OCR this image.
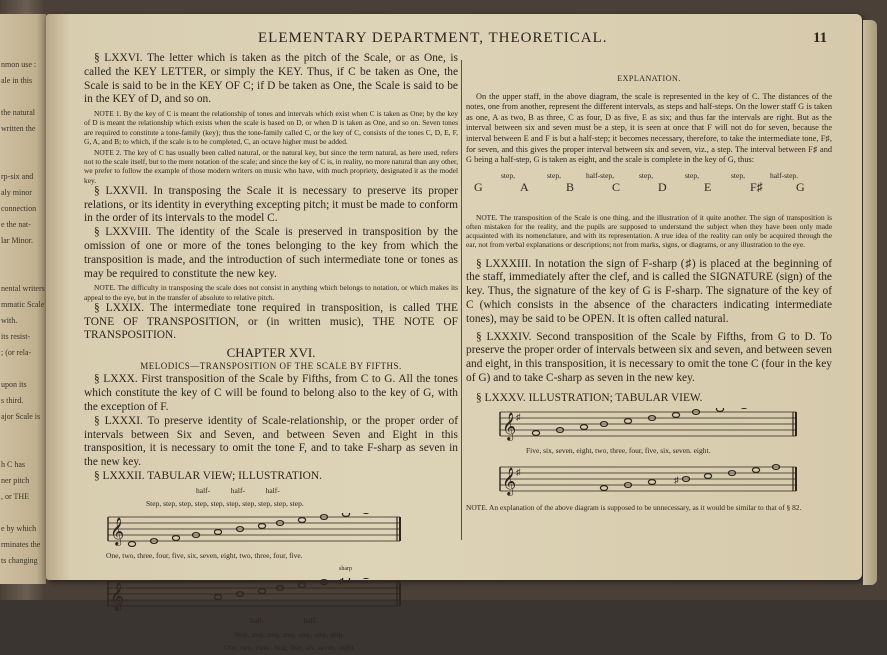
nmon use :
ale in this
the natural
written the
rp-six and
aly minor
connection
e the nat-
lar Minor.
nental writers
mmatic Scale
with.
its resist-
; (or rela-
upon its
s third.
ajor Scale is
h C has
ner pitch
, or THE
e by which
rminates the
ts changing
ELEMENTARY DEPARTMENT, THEORETICAL.	11

§ LXXVI. The letter which is taken as the pitch of the Scale, or as One, is called the KEY LETTER, or simply the KEY. Thus, if C be taken as One, the Scale is said to be in the KEY OF C; if D be taken as One, the Scale is said to be in the KEY of D, and so on.

NOTE 1. By the key of C is meant the relationship of tones and intervals which exist when C is taken as One; by the key of D is meant the relationship which exists when the scale is based on D, or when D is taken as One, and so on. Seven tones are required to constitute a tone-family (key); thus the tone-family called C, or the key of C, consists of the tones C, D, E, F, G, A, and B; to which, if the scale is to be completed, C, an octave higher must be added.

NOTE 2. The key of C has usually been called natural, or the natural key, but since the term natural, as here used, refers not to the scale itself, but to the mere notation of the scale; and since the key of C is, in reality, no more natural than any other, we prefer to follow the example of those modern writers on music who have, with much propriety, designated it as the model key.

§ LXXVII. In transposing the Scale it is necessary to preserve its proper relations, or its identity in everything excepting pitch; it must be made to conform in the order of its intervals to the model C.

§ LXXVIII. The identity of the Scale is preserved in transposition by the omission of one or more of the tones belonging to the key from which the transposition is made, and the introduction of such intermediate tone or tones as may be required to constitute the new key.

NOTE. The difficulty in transposing the scale does not consist in anything which belongs to notation, or which makes its appeal to the eye, but in the transfer of absolute to relative pitch.

§ LXXIX. The intermediate tone required in transposition, is called THE TONE OF TRANSPOSITION, or (in written music), THE NOTE OF TRANSPOSITION.

CHAPTER XVI.
MELODICS—TRANSPOSITION OF THE SCALE BY FIFTHS.

§ LXXX. First transposition of the Scale by Fifths, from C to G. All the tones which constitute the key of C will be found to belong also to the key of G, with the exception of F.

§ LXXXI. To preserve identity of Scale-relationship, or the proper order of intervals between Six and Seven, and between Seven and Eight in this transposition, it is necessary to omit the tone F, and to take F-sharp as seven in the new key.

§ LXXXII. TABULAR VIEW; ILLUSTRATION.

half-           half-           half-
Step, step, step, step, step, step, step, step, step, step.
𝄞
One, two, three, four, five, six, seven, eight, two, three, four, five.
sharp
𝄞
♯
half-                     half-
Step, step, step, step, step, step, step.
One, two, three, four, five, six, seven, eight.
EXPLANATION.

On the upper staff, in the above diagram, the scale is represented in the key of C. The distances of the notes, one from another, represent the different intervals, as steps and half-steps. On the lower staff G is taken as one, A as two, B as three, C as four, D as five, E as six; and thus far the intervals are right. But as the interval between six and seven must be a step, it is seen at once that F will not do for seven, because the interval between E and F is but a half-step; it becomes necessary, therefore, to take the intermediate tone, F♯, for seven, and this gives the proper interval between six and seven, viz., a step. The interval between F♯ and G being a half-step, G is taken as eight, and the scale is complete in the key of G, thus:

G	A	B	C	D	E	F♯	G
step,	step,	half-step,	step,	step,	step,	half-step.

NOTE. The transposition of the Scale is one thing, and the illustration of it quite another. The sign of transposition is often mistaken for the reality, and the pupils are supposed to understand the subject when they have been only made acquainted with its nomenclature, and with its representation. A true idea of the reality can only be acquired through the ear, not from verbal explanations or descriptions; not from marks, signs, or diagrams, or any illustration to the eye.

§ LXXXIII. In notation the sign of F-sharp (♯) is placed at the beginning of the staff, immediately after the clef, and is called the SIGNATURE (sign) of the key. Thus, the signature of the key of G is F-sharp. The signature of the key of C (which consists in the absence of the characters indicating intermediate tones), may be said to be OPEN. It is often called natural.

§ LXXXIV. Second transposition of the Scale by Fifths, from G to D. To preserve the proper order of intervals between six and seven, and between seven and eight, in this transposition, it is necessary to omit the tone C (four in the key of G) and to take C-sharp as seven in the new key.

§ LXXXV. ILLUSTRATION; TABULAR VIEW.

𝄞 ♯
Five, six, seven, eight, two, three, four, five, six, seven. eight.
𝄞 ♯
♯

NOTE. An explanation of the above diagram is supposed to be unnecessary, as it would be similar to that of § 82.
